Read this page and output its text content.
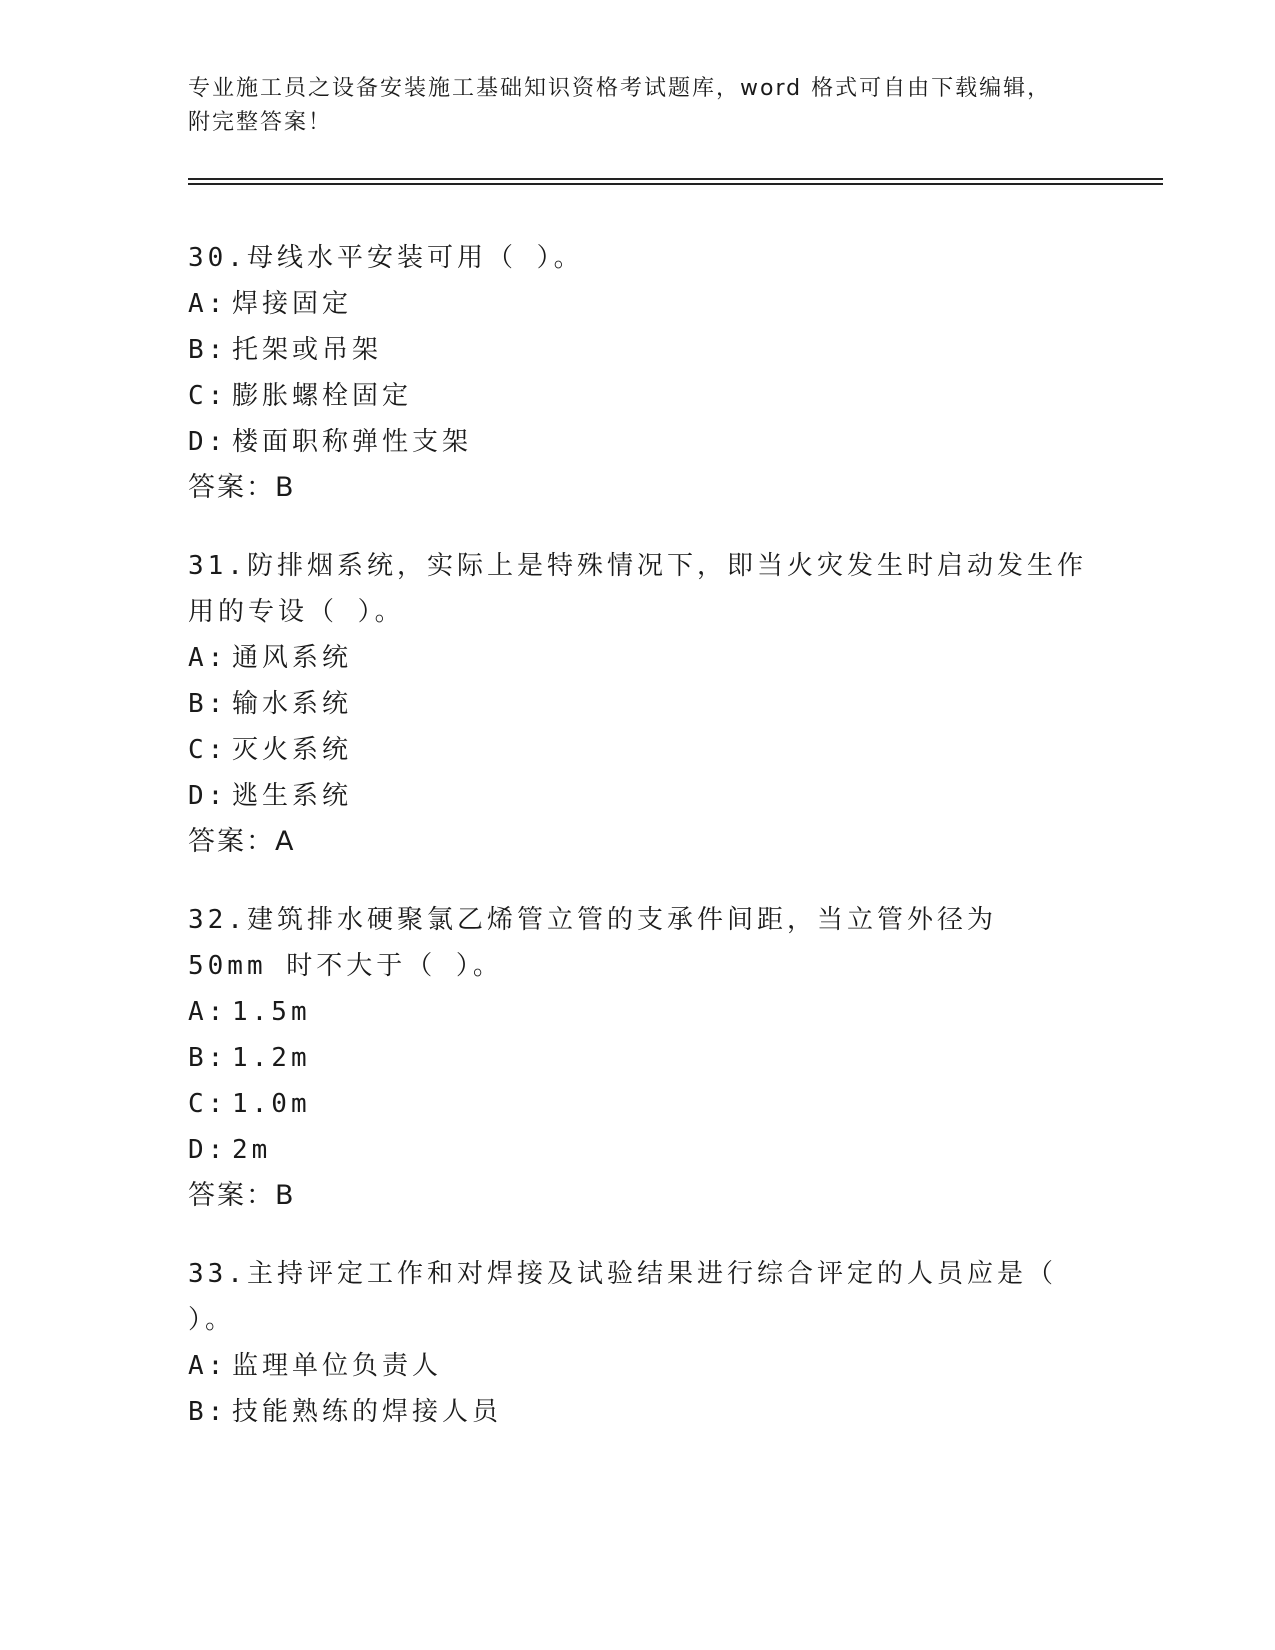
专业施工员之设备安装施工基础知识资格考试题库，word 格式可自由下载编辑，
附完整答案！

30.母线水平安装可用（ ）。

A: 焊接固定
B: 托架或吊架
C: 膨胀螺栓固定
D: 楼面职称弹性支架
答案：B

31.防排烟系统，实际上是特殊情况下，即当火灾发生时启动发生作用的专设（ ）。

A: 通风系统
B: 输水系统
C: 灭火系统
D: 逃生系统
答案：A

32.建筑排水硬聚氯乙烯管立管的支承件间距，当立管外径为 50mm 时不大于（ ）。

A: 1.5m
B: 1.2m
C: 1.0m
D: 2m
答案：B

33.主持评定工作和对焊接及试验结果进行综合评定的人员应是（ ）。

A: 监理单位负责人
B: 技能熟练的焊接人员
